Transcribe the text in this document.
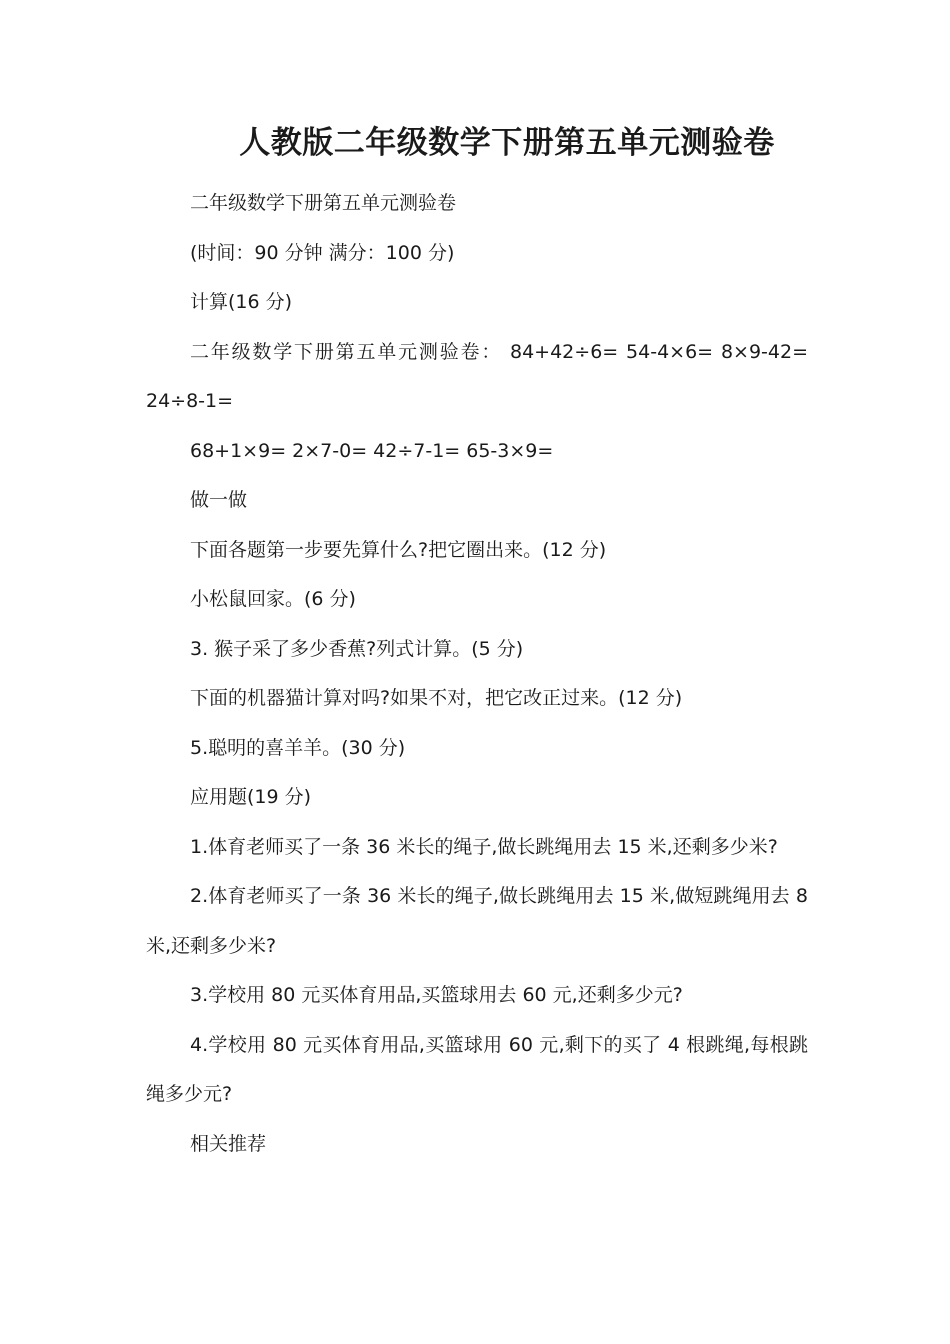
人教版二年级数学下册第五单元测验卷

二年级数学下册第五单元测验卷

(时间：90 分钟 满分：100 分)

计算(16 分)

二年级数学下册第五单元测验卷： 84+42÷6= 54-4×6= 8×9-42= 24÷8-1=

68+1×9= 2×7-0= 42÷7-1= 65-3×9=

做一做

下面各题第一步要先算什么?把它圈出来。(12 分)

小松鼠回家。(6 分)

3. 猴子采了多少香蕉?列式计算。(5 分)

下面的机器猫计算对吗?如果不对，把它改正过来。(12 分)

5.聪明的喜羊羊。(30 分)

应用题(19 分)

1.体育老师买了一条 36 米长的绳子,做长跳绳用去 15 米,还剩多少米?

2.体育老师买了一条 36 米长的绳子,做长跳绳用去 15 米,做短跳绳用去 8 米,还剩多少米?

3.学校用 80 元买体育用品,买篮球用去 60 元,还剩多少元?

4.学校用 80 元买体育用品,买篮球用 60 元,剩下的买了 4 根跳绳,每根跳绳多少元?

相关推荐
